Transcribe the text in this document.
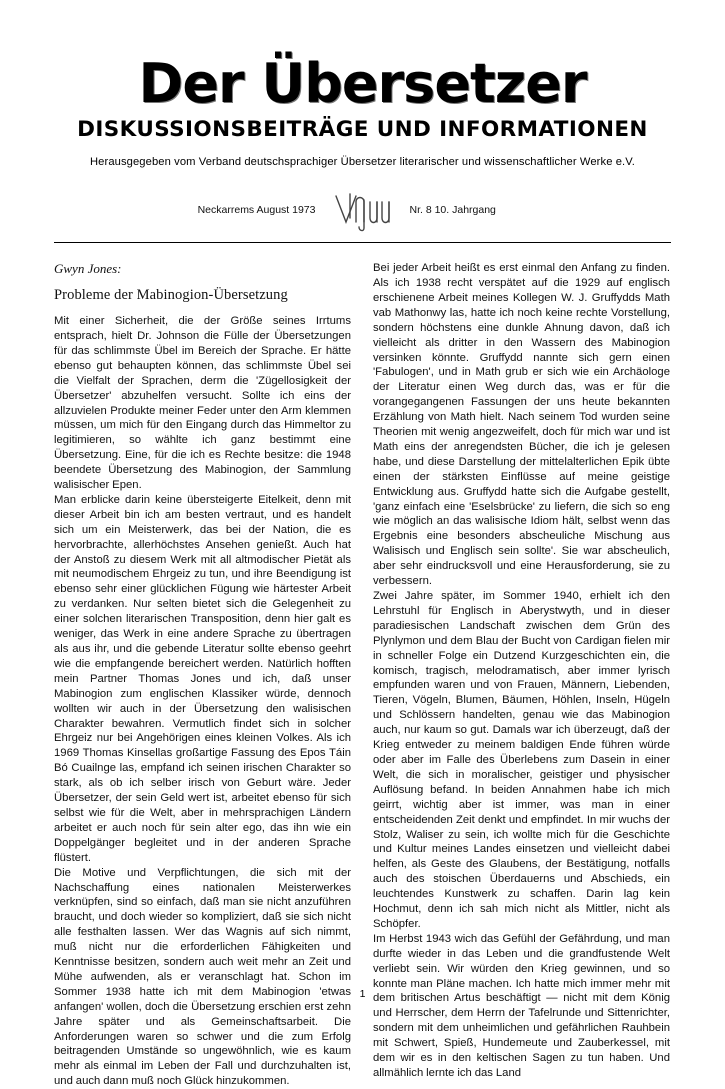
Der Übersetzer
DISKUSSIONSBEITRÄGE UND INFORMATIONEN
Herausgegeben vom Verband deutschsprachiger Übersetzer literarischer und wissenschaftlicher Werke e.V.
Neckarrems August 1973	Nr. 8 10. Jahrgang
Gwyn Jones:
Probleme der Mabinogion-Übersetzung

Mit einer Sicherheit, die der Größe seines Irrtums entsprach, hielt Dr. Johnson die Fülle der Übersetzungen für das schlimmste Übel im Bereich der Sprache. Er hätte ebenso gut behaupten können, das schlimmste Übel sei die Vielfalt der Sprachen, derm die 'Zügellosigkeit der Übersetzer' abzuhelfen versucht. Sollte ich eins der allzuvielen Produkte meiner Feder unter den Arm klemmen müssen, um mich für den Eingang durch das Himmeltor zu legitimieren, so wählte ich ganz bestimmt eine Übersetzung. Eine, für die ich es Rechte besitze: die 1948 beendete Übersetzung des Mabinogion, der Sammlung walisischer Epen.

Man erblicke darin keine übersteigerte Eitelkeit, denn mit dieser Arbeit bin ich am besten vertraut, und es handelt sich um ein Meisterwerk, das bei der Nation, die es hervorbrachte, allerhöchstes Ansehen genießt. Auch hat der Anstoß zu diesem Werk mit all altmodischer Pietät als mit neumodischem Ehrgeiz zu tun, und ihre Beendigung ist ebenso sehr einer glücklichen Fügung wie härtester Arbeit zu verdanken. Nur selten bietet sich die Gelegenheit zu einer solchen literarischen Transposition, denn hier galt es weniger, das Werk in eine andere Sprache zu übertragen als aus ihr, und die gebende Literatur sollte ebenso geehrt wie die empfangende bereichert werden. Natürlich hofften mein Partner Thomas Jones und ich, daß unser Mabinogion zum englischen Klassiker würde, dennoch wollten wir auch in der Übersetzung den walisischen Charakter bewahren. Vermutlich findet sich in solcher Ehrgeiz nur bei Angehörigen eines kleinen Volkes. Als ich 1969 Thomas Kinsellas großartige Fassung des Epos Táin Bó Cuailnge las, empfand ich seinen irischen Charakter so stark, als ob ich selber irisch von Geburt wäre. Jeder Übersetzer, der sein Geld wert ist, arbeitet ebenso für sich selbst wie für die Welt, aber in mehrsprachigen Ländern arbeitet er auch noch für sein alter ego, das ihn wie ein Doppelgänger begleitet und in der anderen Sprache flüstert.

Die Motive und Verpflichtungen, die sich mit der Nachschaffung eines nationalen Meisterwerkes verknüpfen, sind so einfach, daß man sie nicht anzuführen braucht, und doch wieder so kompliziert, daß sie sich nicht alle festhalten lassen. Wer das Wagnis auf sich nimmt, muß nicht nur die erforderlichen Fähigkeiten und Kenntnisse besitzen, sondern auch weit mehr an Zeit und Mühe aufwenden, als er veranschlagt hat. Schon im Sommer 1938 hatte ich mit dem Mabinogion 'etwas anfangen' wollen, doch die Übersetzung erschien erst zehn Jahre später und als Gemeinschaftsarbeit. Die Anforderungen waren so schwer und die zum Erfolg beitragenden Umstände so ungewöhnlich, wie es kaum mehr als einmal im Leben der Fall und durchzuhalten ist, und auch dann muß noch Glück hinzukommen.

Bei jeder Arbeit heißt es erst einmal den Anfang zu finden. Als ich 1938 recht verspätet auf die 1929 auf englisch erschienene Arbeit meines Kollegen W. J. Gruffydds Math vab Mathonwy las, hatte ich noch keine rechte Vorstellung, sondern höchstens eine dunkle Ahnung davon, daß ich vielleicht als dritter in den Wassern des Mabinogion versinken könnte. Gruffydd nannte sich gern einen 'Fabulogen', und in Math grub er sich wie ein Archäologe der Literatur einen Weg durch das, was er für die vorangegangenen Fassungen der uns heute bekannten Erzählung von Math hielt. Nach seinem Tod wurden seine Theorien mit wenig angezweifelt, doch für mich war und ist Math eins der anregendsten Bücher, die ich je gelesen habe, und diese Darstellung der mittelalterlichen Epik übte einen der stärksten Einflüsse auf meine geistige Entwicklung aus. Gruffydd hatte sich die Aufgabe gestellt, 'ganz einfach eine 'Eselsbrücke' zu liefern, die sich so eng wie möglich an das walisische Idiom hält, selbst wenn das Ergebnis eine besonders abscheuliche Mischung aus Walisisch und Englisch sein sollte'. Sie war abscheulich, aber sehr eindrucksvoll und eine Herausforderung, sie zu verbessern.

Zwei Jahre später, im Sommer 1940, erhielt ich den Lehrstuhl für Englisch in Aberystwyth, und in dieser paradiesischen Landschaft zwischen dem Grün des Plynlymon und dem Blau der Bucht von Cardigan fielen mir in schneller Folge ein Dutzend Kurzgeschichten ein, die komisch, tragisch, melodramatisch, aber immer lyrisch empfunden waren und von Frauen, Männern, Liebenden, Tieren, Vögeln, Blumen, Bäumen, Höhlen, Inseln, Hügeln und Schlössern handelten, genau wie das Mabinogion auch, nur kaum so gut. Damals war ich überzeugt, daß der Krieg entweder zu meinem baldigen Ende führen würde oder aber im Falle des Überlebens zum Dasein in einer Welt, die sich in moralischer, geistiger und physischer Auflösung befand. In beiden Annahmen habe ich mich geirrt, wichtig aber ist immer, was man in einer entscheidenden Zeit denkt und empfindet. In mir wuchs der Stolz, Waliser zu sein, ich wollte mich für die Geschichte und Kultur meines Landes einsetzen und vielleicht dabei helfen, als Geste des Glaubens, der Bestätigung, notfalls auch des stoischen Überdauerns und Abschieds, ein leuchtendes Kunstwerk zu schaffen. Darin lag kein Hochmut, denn ich sah mich nicht als Mittler, nicht als Schöpfer.

Im Herbst 1943 wich das Gefühl der Gefährdung, und man durfte wieder in das Leben und die grandfustende Welt verliebt sein. Wir würden den Krieg gewinnen, und so konnte man Pläne machen. Ich hatte mich immer mehr mit dem britischen Artus beschäftigt — nicht mit dem König und Herrscher, dem Herrn der Tafelrunde und Sittenrichter, sondern mit dem unheimlichen und gefährlichen Rauhbein mit Schwert, Spieß, Hundemeute und Zauberkessel, mit dem wir es in den keltischen Sagen zu tun haben. Und allmählich lernte ich das Land

1
